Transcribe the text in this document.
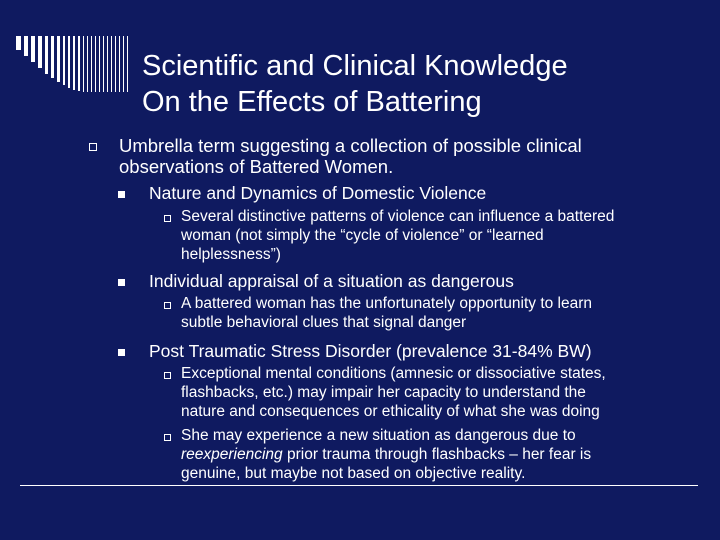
Scientific and Clinical Knowledge
On the Effects of Battering
Umbrella term suggesting a collection of possible clinical
observations of Battered Women.
Nature and Dynamics of Domestic Violence
Several distinctive patterns of violence can influence a battered
woman (not simply the “cycle of violence” or “learned
helplessness”)
Individual appraisal of a situation as dangerous
A battered woman has the unfortunately opportunity to learn
subtle behavioral clues that signal danger
Post Traumatic Stress Disorder (prevalence 31-84% BW)
Exceptional mental conditions (amnesic or dissociative states,
flashbacks, etc.) may impair her capacity to understand the
nature and consequences or ethicality of what she was doing
She may experience a new situation as dangerous due to
reexperiencing prior trauma through flashbacks – her fear is
genuine, but maybe not based on objective reality.
